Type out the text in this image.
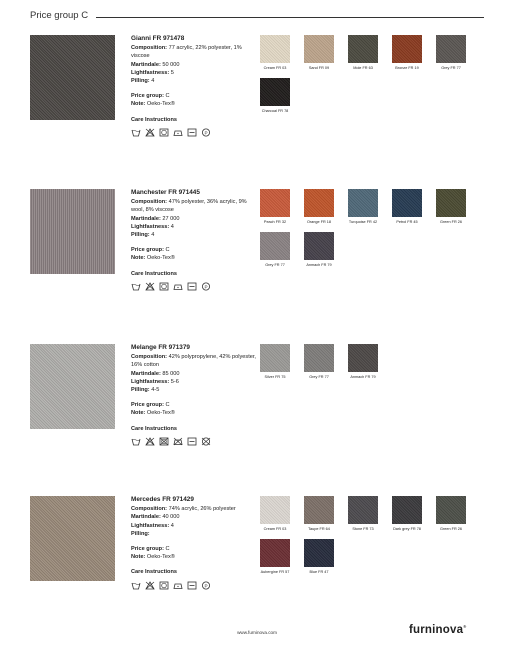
Price group C
Gianni FR 971478
Composition: 77 acrylic, 22% polyester, 1% viscose
Martindale: 50 000
Lightfastness: 5
Pilling: 4
Price group: C
Note: Oeko-Tex®
Care Instructions
P
Cream FR 03	Sand FR 09	Mole FR 63	Bronze FR 19	Grey FR 77
Charcoal FR 78
Manchester FR 971445
Composition: 47% polyester, 36% acrylic, 9% wool, 8% viscose
Martindale: 27 000
Lightfastness: 4
Pilling: 4
Price group: C
Note: Oeko-Tex®
Care Instructions
P
Peach FR 32	Orange FR 18	Turquoise FR 42	Petrol FR 45	Green FR 26
Grey FR 77	Anmach FR 79
Melange FR 971379
Composition: 42% polypropylene, 42% polyester, 16% cotton
Martindale: 85 000
Lightfastness: 5-6
Pilling: 4-5
Price group: C
Note: Oeko-Tex®
Care Instructions
Silver FR 75	Grey FR 77	Anmach FR 79
Mercedes FR 971429
Composition: 74% acrylic, 26% polyester
Martindale: 40 000
Lightfastness: 4
Pilling:
Price group: C
Note: Oeko-Tex®
Care Instructions
P
Cream FR 03	Taupe FR 64	Stone FR 73	Dark grey FR 78	Green FR 26
Aubergine FR 57	Blue FR 47
www.furninova.com	furninova®
